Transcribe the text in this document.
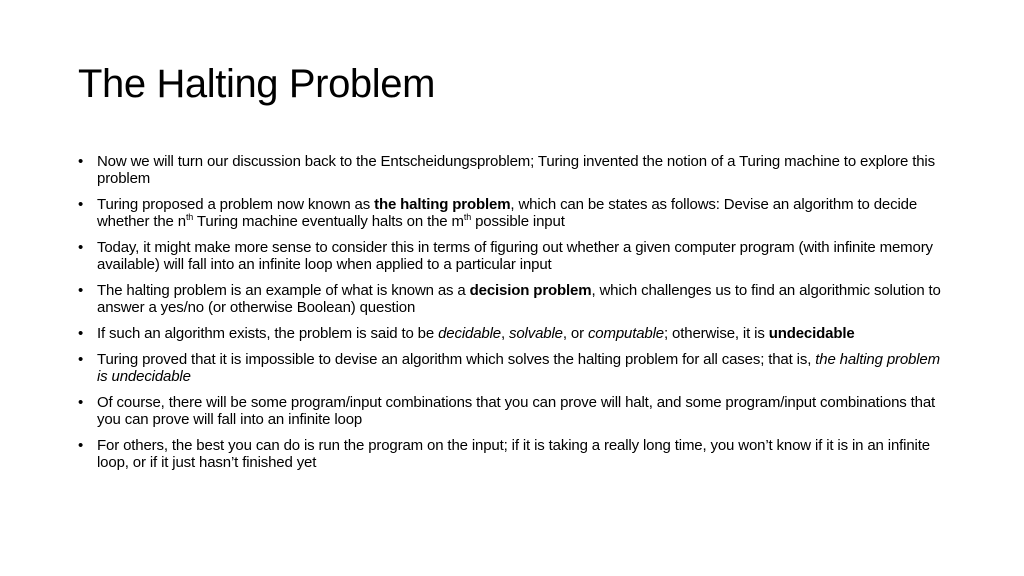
The Halting Problem
• Now we will turn our discussion back to the Entscheidungsproblem; Turing invented the notion of a Turing machine to explore this problem
• Turing proposed a problem now known as the halting problem, which can be states as follows: Devise an algorithm to decide whether the $n^{th}$ Turing machine eventually halts on the $m^{th}$ possible input
• Today, it might make more sense to consider this in terms of figuring out whether a given computer program (with infinite memory available) will fall into an infinite loop when applied to a particular input
• The halting problem is an example of what is known as a decision problem, which challenges us to find an algorithmic solution to answer a yes/no (or otherwise Boolean) question
• If such an algorithm exists, the problem is said to be decidable, solvable, or computable; otherwise, it is undecidable
• Turing proved that it is impossible to devise an algorithm which solves the halting problem for all cases; that is, the halting problem is undecidable
• Of course, there will be some program/input combinations that you can prove will halt, and some program/input combinations that you can prove will fall into an infinite loop
• For others, the best you can do is run the program on the input; if it is taking a really long time, you won’t know if it is in an infinite loop, or if it just hasn’t finished yet
